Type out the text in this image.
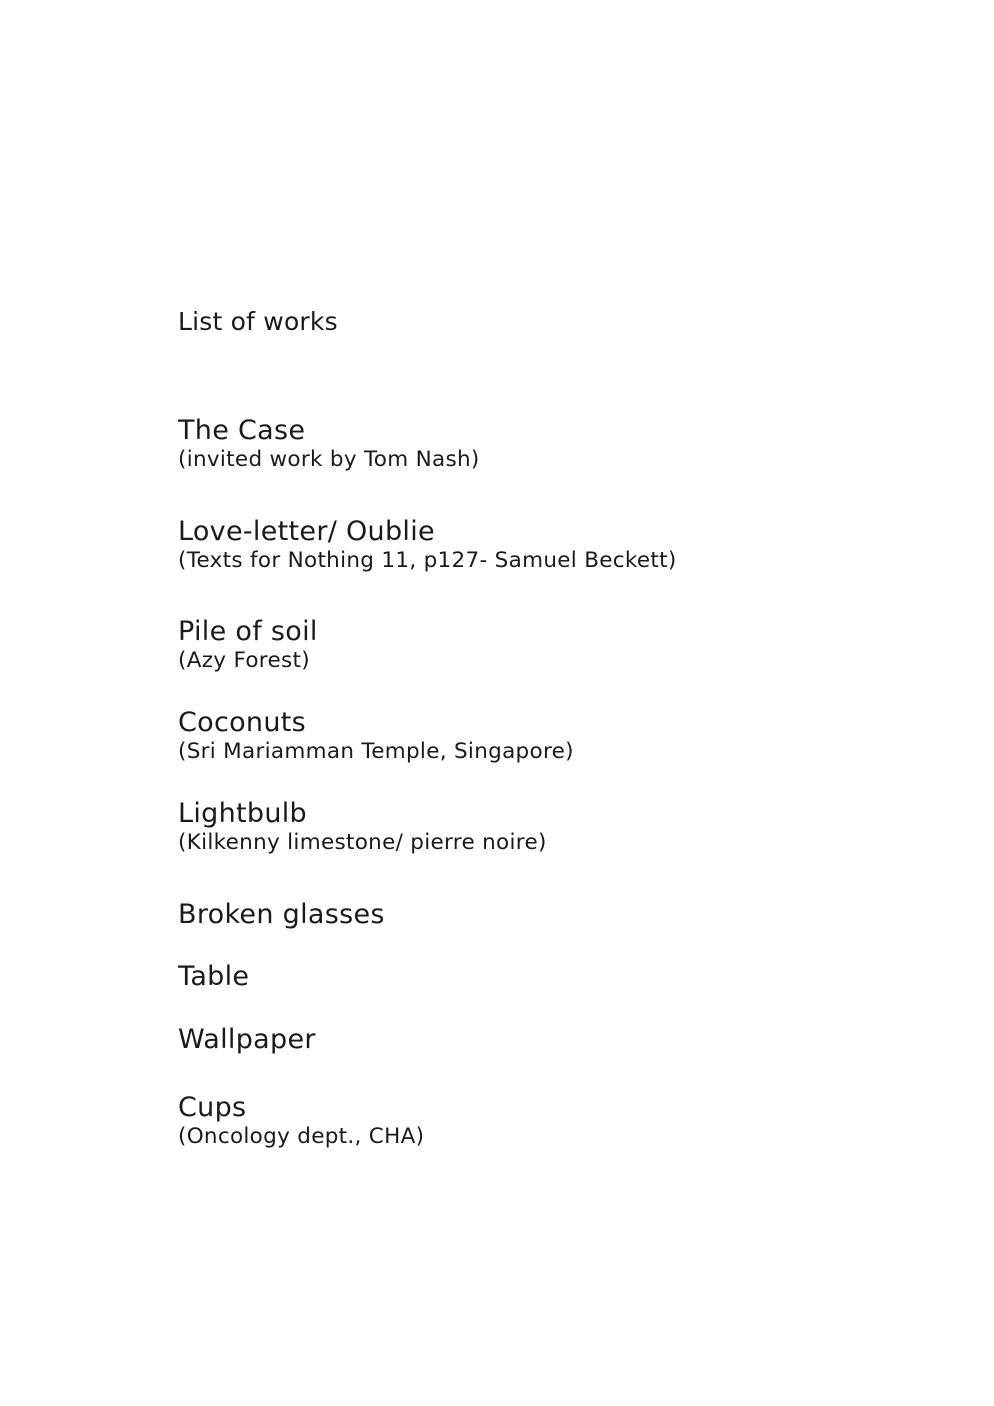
List of works
The Case
(invited work by Tom Nash)
Love-letter/ Oublie
(Texts for Nothing 11, p127- Samuel Beckett)
Pile of soil
(Azy Forest)
Coconuts
(Sri Mariamman Temple, Singapore)
Lightbulb
(Kilkenny limestone/ pierre noire)
Broken glasses
Table
Wallpaper
Cups
(Oncology dept., CHA)
